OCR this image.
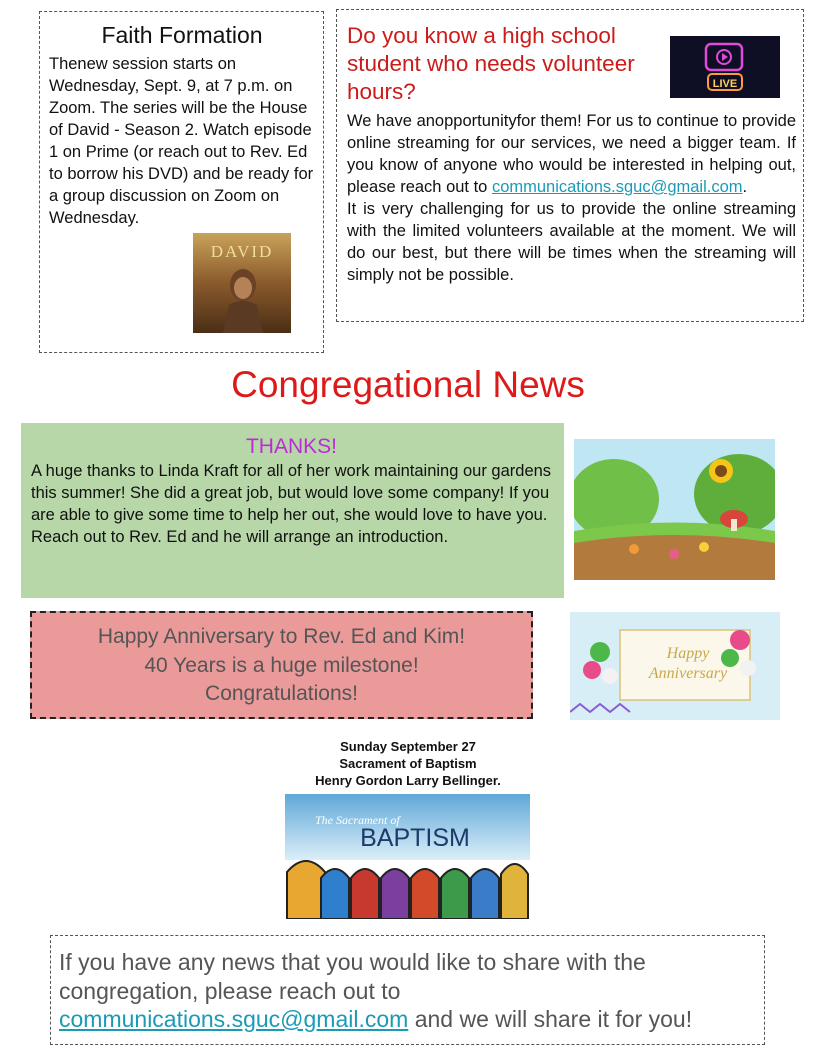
Faith Formation
Thenew session starts on Wednesday, Sept. 9, at 7 p.m. on Zoom. The series will be the House of David - Season 2. Watch episode 1 on Prime (or reach out to Rev. Ed to borrow his DVD) and be ready for a group discussion on Zoom on Wednesday.
DAVID
Do you know a high school student who needs volunteer hours?
We have anopportunityfor them! For us to continue to provide online streaming for our services, we need a bigger team. If you know of anyone who would be interested in helping out, please reach out to communications.sguc@gmail.com.
It is very challenging for us to provide the online streaming with the limited volunteers available at the moment. We will do our best, but there will be times when the streaming will simply not be possible.
LIVE
Congregational News
THANKS!
A huge thanks to Linda Kraft for all of her work maintaining our gardens this summer! She did a great job, but would love some company! If you are able to give some time to help her out, she would love to have you. Reach out to Rev. Ed and he will arrange an introduction.
Happy Anniversary to Rev. Ed and Kim!
40 Years is a huge milestone!
Congratulations!
Happy
Anniversary
Sunday September 27
Sacrament of Baptism
Henry Gordon Larry Bellinger.
The Sacrament of
BAPTISM
If you have any news that you would like to share with the congregation, please reach out to communications.sguc@gmail.com and we will share it for you!
